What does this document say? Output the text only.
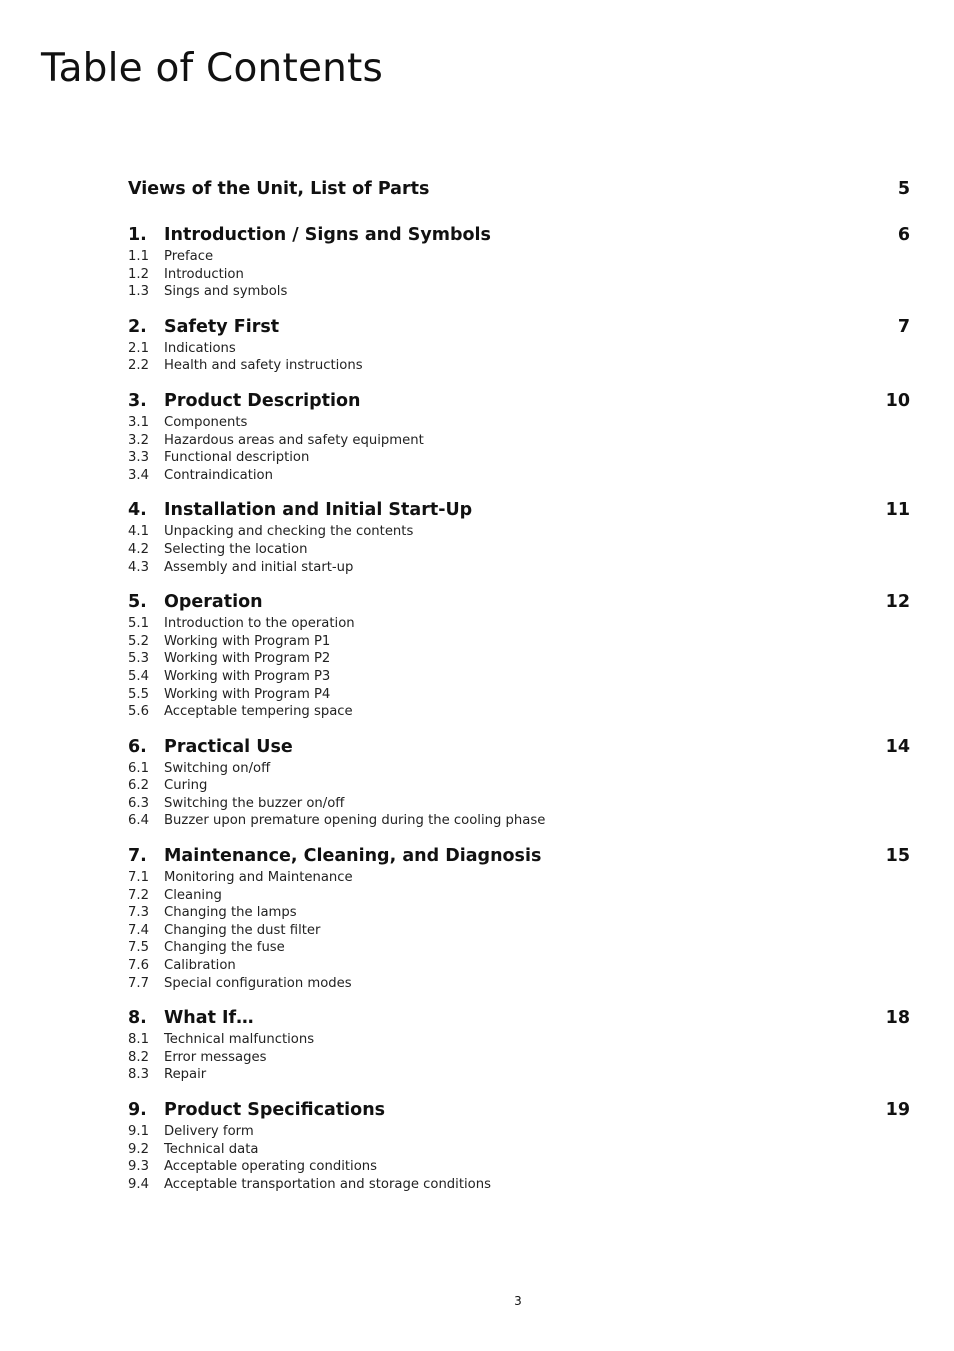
Table of Contents
Views of the Unit, List of Parts	5
1. Introduction / Signs and Symbols	6
1.1	Preface
1.2	Introduction
1.3	Sings and symbols
2. Safety First	7
2.1	Indications
2.2	Health and safety instructions
3. Product Description	10
3.1	Components
3.2	Hazardous areas and safety equipment
3.3	Functional description
3.4	Contraindication
4. Installation and Initial Start-Up	11
4.1	Unpacking and checking the contents
4.2	Selecting the location
4.3	Assembly and initial start-up
5. Operation	12
5.1	Introduction to the operation
5.2	Working with Program P1
5.3	Working with Program P2
5.4	Working with Program P3
5.5	Working with Program P4
5.6	Acceptable tempering space
6. Practical Use	14
6.1	Switching on/off
6.2	Curing
6.3	Switching the buzzer on/off
6.4	Buzzer upon premature opening during the cooling phase
7. Maintenance, Cleaning, and Diagnosis	15
7.1	Monitoring and Maintenance
7.2	Cleaning
7.3	Changing the lamps
7.4	Changing the dust filter
7.5	Changing the fuse
7.6	Calibration
7.7	Special configuration modes
8. What If…	18
8.1	Technical malfunctions
8.2	Error messages
8.3	Repair
9. Product Specifications	19
9.1	Delivery form
9.2	Technical data
9.3	Acceptable operating conditions
9.4	Acceptable transportation and storage conditions
3
